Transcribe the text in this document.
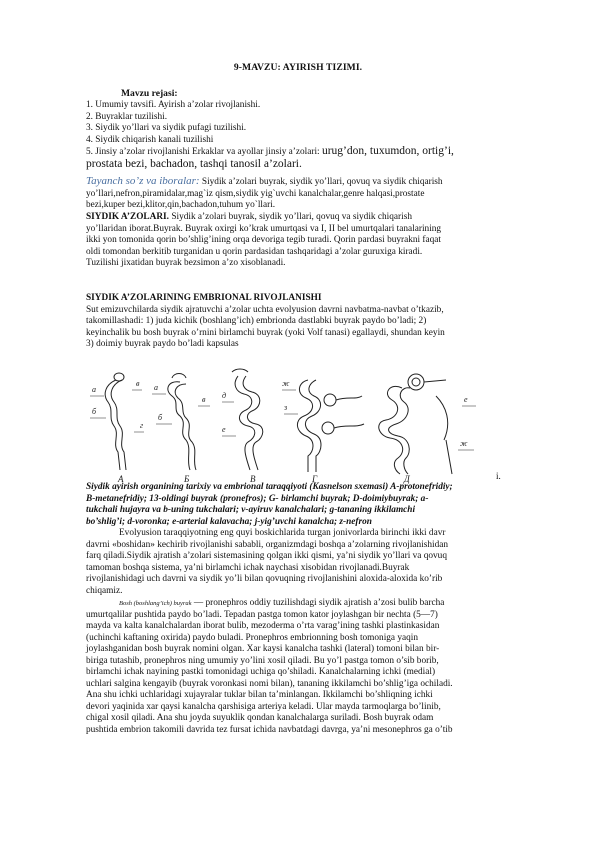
9-MAVZU: AYIRISH TIZIMI.
Mavzu rejasi:
1. Umumiy tavsifi. Ayirish a’zolar rivojlanishi.
2. Buyraklar tuzilishi.
3. Siydik yo’llari va siydik pufagi tuzilishi.
4. Siydik chiqarish kanali tuzilishi
5. Jinsiy a’zolar rivojlanishi Erkaklar va ayollar jinsiy a’zolari: urug’don, tuxumdon, ortig’i,
prostata bezi, bachadon, tashqi tanosil a’zolari.
Tayanch so’z va iboralar: Siydik a’zolari buyrak, siydik yo’llari, qovuq va siydik chiqarish
yo’llari,nefron,piramidalar,mag`iz qism,siydik yig`uvchi kanalchalar,genre halqasi,prostate
bezi,kuper bezi,klitor,qin,bachadon,tuhum yo`llari.
SIYDIK A’ZOLARI. Siydik a’zolari buyrak, siydik yo’llari, qovuq va siydik chiqarish
yo’llaridan iborat.Buyrak. Buyrak oxirgi ko’krak umurtqasi va I, II bel umurtqalari tanalarining
ikki yon tomonida qorin bo’shlig’ining orqa devoriga tegib turadi. Qorin pardasi buyrakni faqat
oldi tomondan berkitib turganidan u qorin pardasidan tashqaridagi a’zolar guruxiga kiradi.
Tuzilishi jixatidan buyrak bezsimon a’zo xisoblanadi.
SIYDIK A’ZOLARINING EMBRIONAL RIVOJLANISHI
Sut emizuvchilarda siydik ajratuvchi a’zolar uchta evolyusion davrni navbatma-navbat o’tkazib,
takomillashadi: 1) juda kichik (boshlang’ich) embrionda dastlabki buyrak paydo bo’ladi; 2)
keyinchalik bu bosh buyrak o’rnini birlamchi buyrak (yoki Volf tanasi) egallaydi, shundan keyin
3) doimiy buyrak paydo bo’ladi kapsulas
a
б
в
г
a
б
в д
е
ж
з
е
ж
A	Б	В	Г	Д	i.
Siydik ayirish organining tarixiy va embrional taraqqiyoti (Kasnelson sxemasi) A-protonefridiy;
B-metanefridiy; 13-oldingi buyrak (pronefros); G- birlamchi buyrak; D-doimiybuyrak; a-
tukchali hujayra va b-uning tukchalari; v-ayiruv kanalchalari; g-tananing ikkilamchi
bo’shlig’i; d-voronka; e-arterial kalavacha; j-yig’uvchi kanalcha; z-nefron
Evolyusion taraqqiyotning eng quyi boskichlarida turgan jonivorlarda birinchi ikki davr
davrni «boshidan» kechirib rivojlanishi sababli, organizmdagi boshqa a’zolarning rivojlanishidan
farq qiladi.Siydik ajratish a’zolari sistemasining qolgan ikki qismi, ya’ni siydik yo’llari va qovuq
tamoman boshqa sistema, ya’ni birlamchi ichak naychasi xisobidan rivojlanadi.Buyrak
rivojlanishidagi uch davrni va siydik yo’li bilan qovuqning rivojlanishini aloxida-aloxida ko’rib
chiqamiz.
Bosh (boshlang’ich) buyrak — pronephros oddiy tuzilishdagi siydik ajratish a’zosi bulib barcha
umurtqalilar pushtida paydo bo’ladi. Tepadan pastga tomon kator joylashgan bir nechta (5—7)
mayda va kalta kanalchalardan iborat bulib, mezoderma o’rta varag’ining tashki plastinkasidan
(uchinchi kaftaning oxirida) paydo buladi. Pronephros embrionning bosh tomoniga yaqin
joylashganidan bosh buyrak nomini olgan. Xar kaysi kanalcha tashki (lateral) tomoni bilan bir-
biriga tutashib, pronephros ning umumiy yo’lini xosil qiladi. Bu yo’l pastga tomon o’sib borib,
birlamchi ichak nayining pastki tomonidagi uchiga qo’shiladi. Kanalchalarning ichki (medial)
uchlari salgina kengayib (buyrak voronkasi nomi bilan), tananing ikkilamchi bo’shlig’iga ochiladi.
Ana shu ichki uchlaridagi xujayralar tuklar bilan ta’minlangan. Ikkilamchi bo’shliqning ichki
devori yaqinida xar qaysi kanalcha qarshisiga arteriya keladi. Ular mayda tarmoqlarga bo’linib,
chigal xosil qiladi. Ana shu joyda suyuklik qondan kanalchalarga suriladi. Bosh buyrak odam
pushtida embrion takomili davrida tez fursat ichida navbatdagi davrga, ya’ni mesonephros ga o’tib
